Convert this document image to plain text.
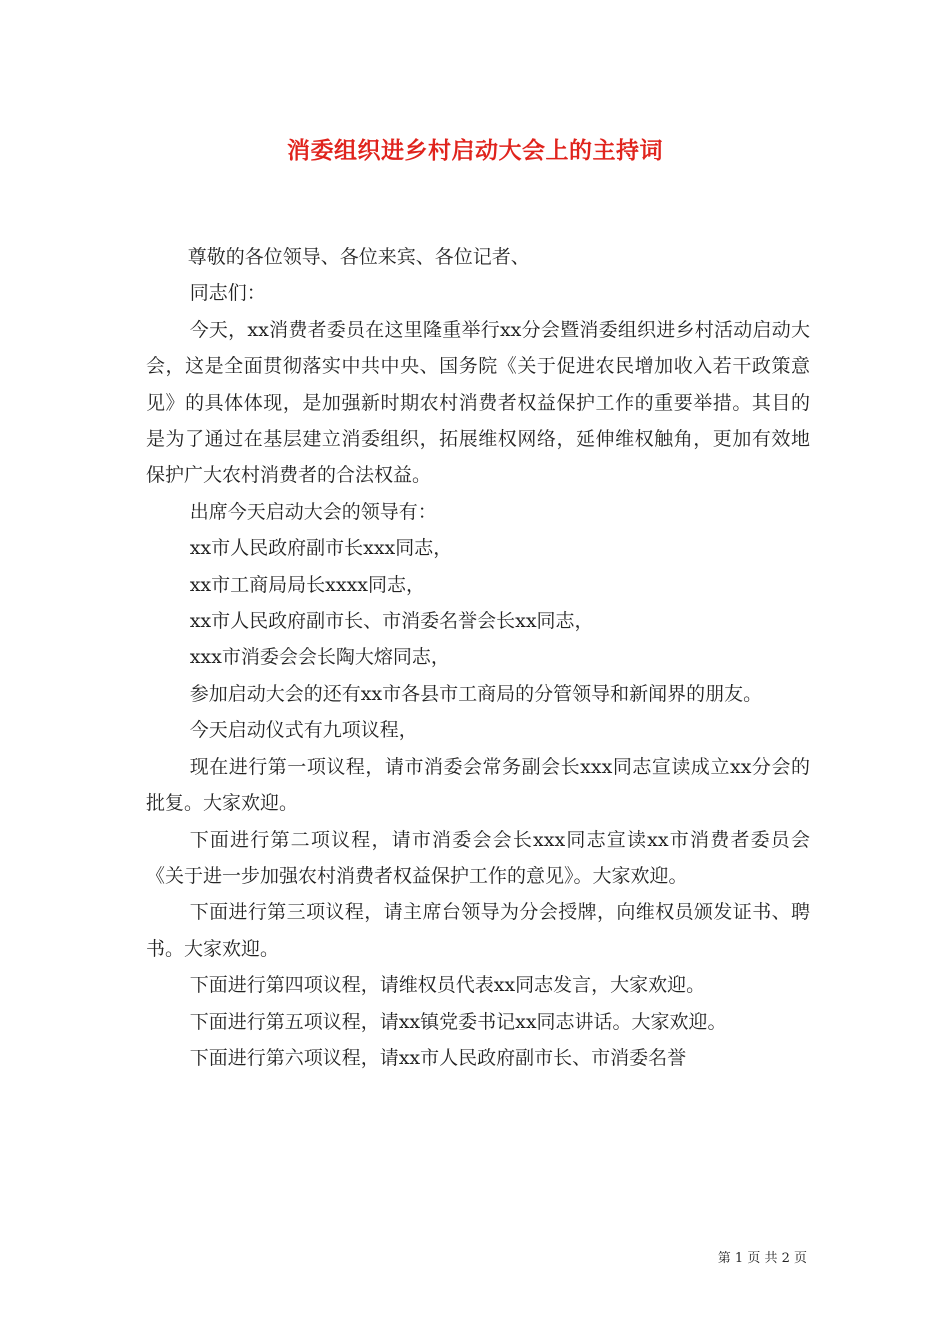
消委组织进乡村启动大会上的主持词

尊敬的各位领导、各位来宾、各位记者、

同志们：

今天，xx消费者委员在这里隆重举行xx分会暨消委组织进乡村活动启动大会，这是全面贯彻落实中共中央、国务院《关于促进农民增加收入若干政策意见》的具体体现，是加强新时期农村消费者权益保护工作的重要举措。其目的是为了通过在基层建立消委组织，拓展维权网络，延伸维权触角，更加有效地保护广大农村消费者的合法权益。

出席今天启动大会的领导有：

xx市人民政府副市长xxx同志，

xx市工商局局长xxxx同志，

xx市人民政府副市长、市消委名誉会长xx同志，

xxx市消委会会长陶大熔同志，

参加启动大会的还有xx市各县市工商局的分管领导和新闻界的朋友。

今天启动仪式有九项议程，

现在进行第一项议程，请市消委会常务副会长xxx同志宣读成立xx分会的批复。大家欢迎。

下面进行第二项议程，请市消委会会长xxx同志宣读xx市消费者委员会《关于进一步加强农村消费者权益保护工作的意见》。大家欢迎。

下面进行第三项议程，请主席台领导为分会授牌，向维权员颁发证书、聘书。大家欢迎。

下面进行第四项议程，请维权员代表xx同志发言，大家欢迎。

下面进行第五项议程，请xx镇党委书记xx同志讲话。大家欢迎。

下面进行第六项议程，请xx市人民政府副市长、市消委名誉

第 1 页 共 2 页
